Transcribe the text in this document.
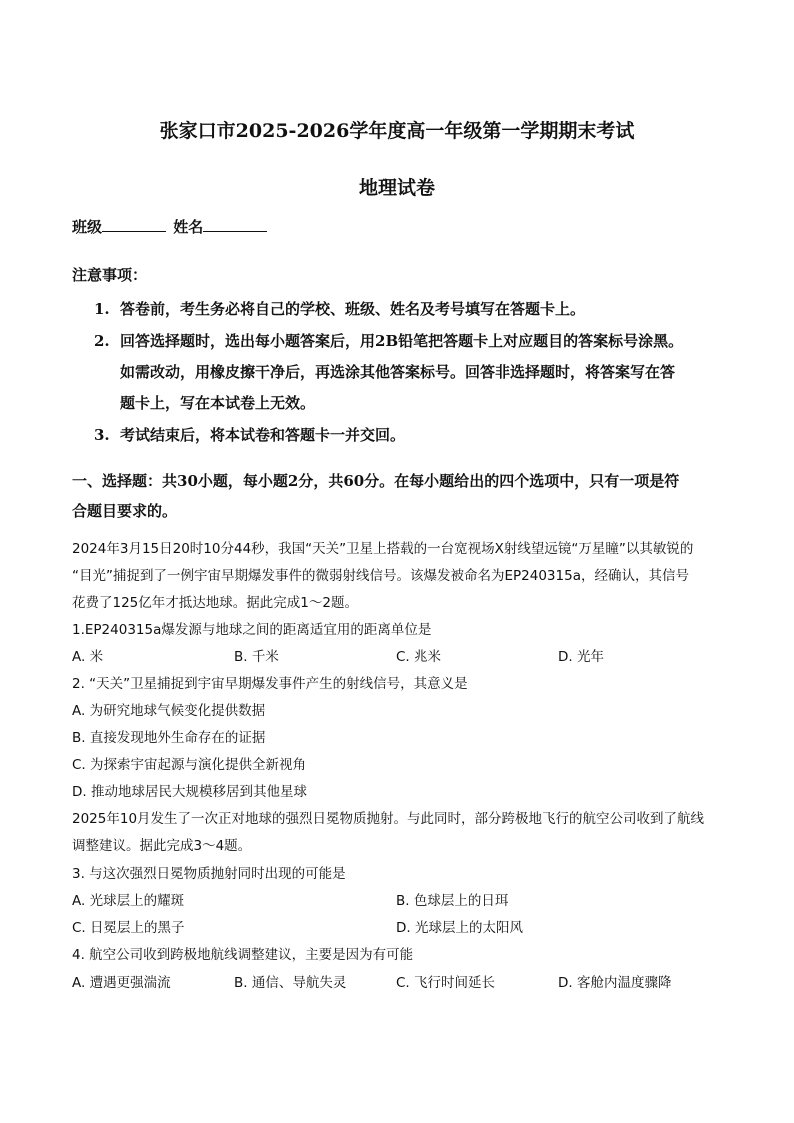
张家口市2025-2026学年度高一年级第一学期期末考试
地理试卷
班级	姓名
注意事项：
1. 答卷前，考生务必将自己的学校、班级、姓名及考号填写在答题卡上。
2. 回答选择题时，选出每小题答案后，用2B铅笔把答题卡上对应题目的答案标号涂黑。
如需改动，用橡皮擦干净后，再选涂其他答案标号。回答非选择题时，将答案写在答
题卡上，写在本试卷上无效。
3. 考试结束后，将本试卷和答题卡一并交回。
一、选择题：共30小题，每小题2分，共60分。在每小题给出的四个选项中，只有一项是符
合题目要求的。
2024年3月15日20时10分44秒，我国“天关”卫星上搭载的一台宽视场X射线望远镜“万星瞳”以其敏锐的
“目光”捕捉到了一例宇宙早期爆发事件的微弱射线信号。该爆发被命名为EP240315a，经确认，其信号
花费了125亿年才抵达地球。据此完成1～2题。
1.EP240315a爆发源与地球之间的距离适宜用的距离单位是
A. 米	B. 千米	C. 兆米	D. 光年
2. “天关”卫星捕捉到宇宙早期爆发事件产生的射线信号，其意义是
A. 为研究地球气候变化提供数据
B. 直接发现地外生命存在的证据
C. 为探索宇宙起源与演化提供全新视角
D. 推动地球居民大规模移居到其他星球
2025年10月发生了一次正对地球的强烈日冕物质抛射。与此同时，部分跨极地飞行的航空公司收到了航线
调整建议。据此完成3～4题。
3. 与这次强烈日冕物质抛射同时出现的可能是
A. 光球层上的耀斑	B. 色球层上的日珥
C. 日冕层上的黑子	D. 光球层上的太阳风
4. 航空公司收到跨极地航线调整建议，主要是因为有可能
A. 遭遇更强湍流	B. 通信、导航失灵	C. 飞行时间延长	D. 客舱内温度骤降
